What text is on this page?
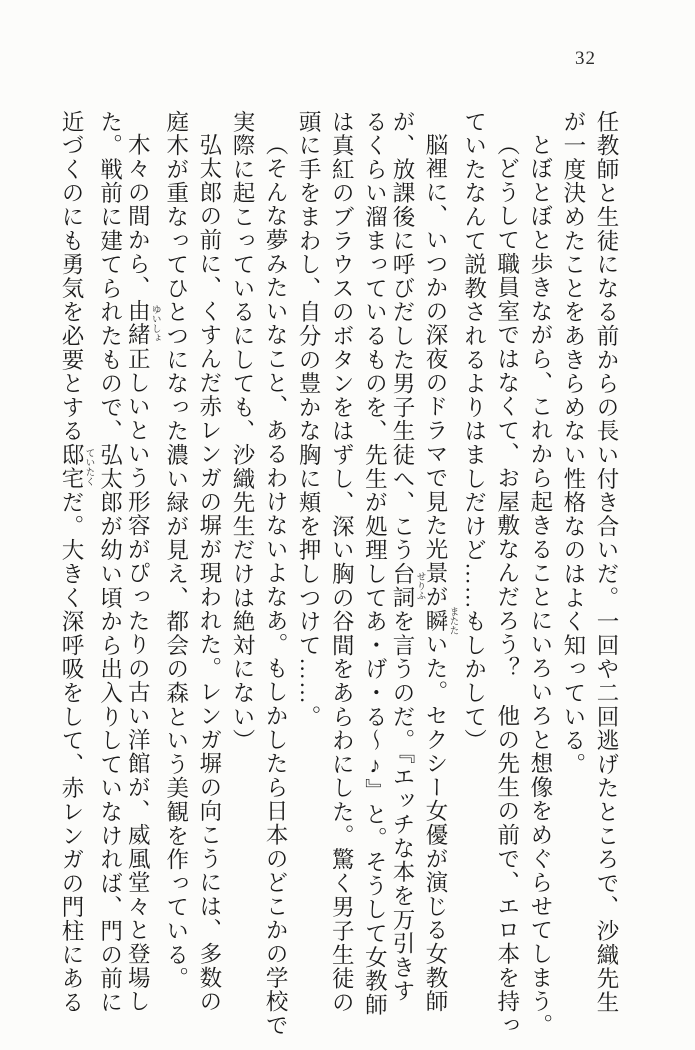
32
任教師と生徒になる前からの長い付き合いだ。一回や二回逃げたところで、沙織先生
が一度決めたことをあきらめない性格なのはよく知っている。
とぼとぼと歩きながら、これから起きることにいろいろと想像をめぐらせてしまう。
（どうして職員室ではなくて、お屋敷なんだろう？　他の先生の前で、エロ本を持っ
ていたなんて説教されるよりはましだけど……もしかして）
脳裡に、いつかの深夜のドラマで見た光景が瞬 またたいた。セクシー女優が演じる女教師
が、放課後に呼びだした男子生徒へ、こう台詞 せりふを言うのだ。『エッチな本を万引きす
るくらい溜まっているものを、先生が処理してあ・げ・る～♪』と。そうして女教師
は真紅のブラウスのボタンをはずし、深い胸の谷間をあらわにした。驚く男子生徒の
頭に手をまわし、自分の豊かな胸に頬を押しつけて……。
（そんな夢みたいなこと、あるわけないよなあ。もしかしたら日本のどこかの学校で
実際に起こっているにしても、沙織先生だけは絶対にない）
弘太郎の前に、くすんだ赤レンガの塀が現われた。レンガ塀の向こうには、多数の
庭木が重なってひとつになった濃い緑が見え、都会の森という美観を作っている。
木々の間から、由緒 ゆいしょ正しいという形容がぴったりの古い洋館が、威風堂々と登場し
た。戦前に建てられたもので、弘太郎が幼い頃から出入りしていなければ、門の前に
近づくのにも勇気を必要とする邸宅 ていたくだ。大きく深呼吸をして、赤レンガの門柱にある
